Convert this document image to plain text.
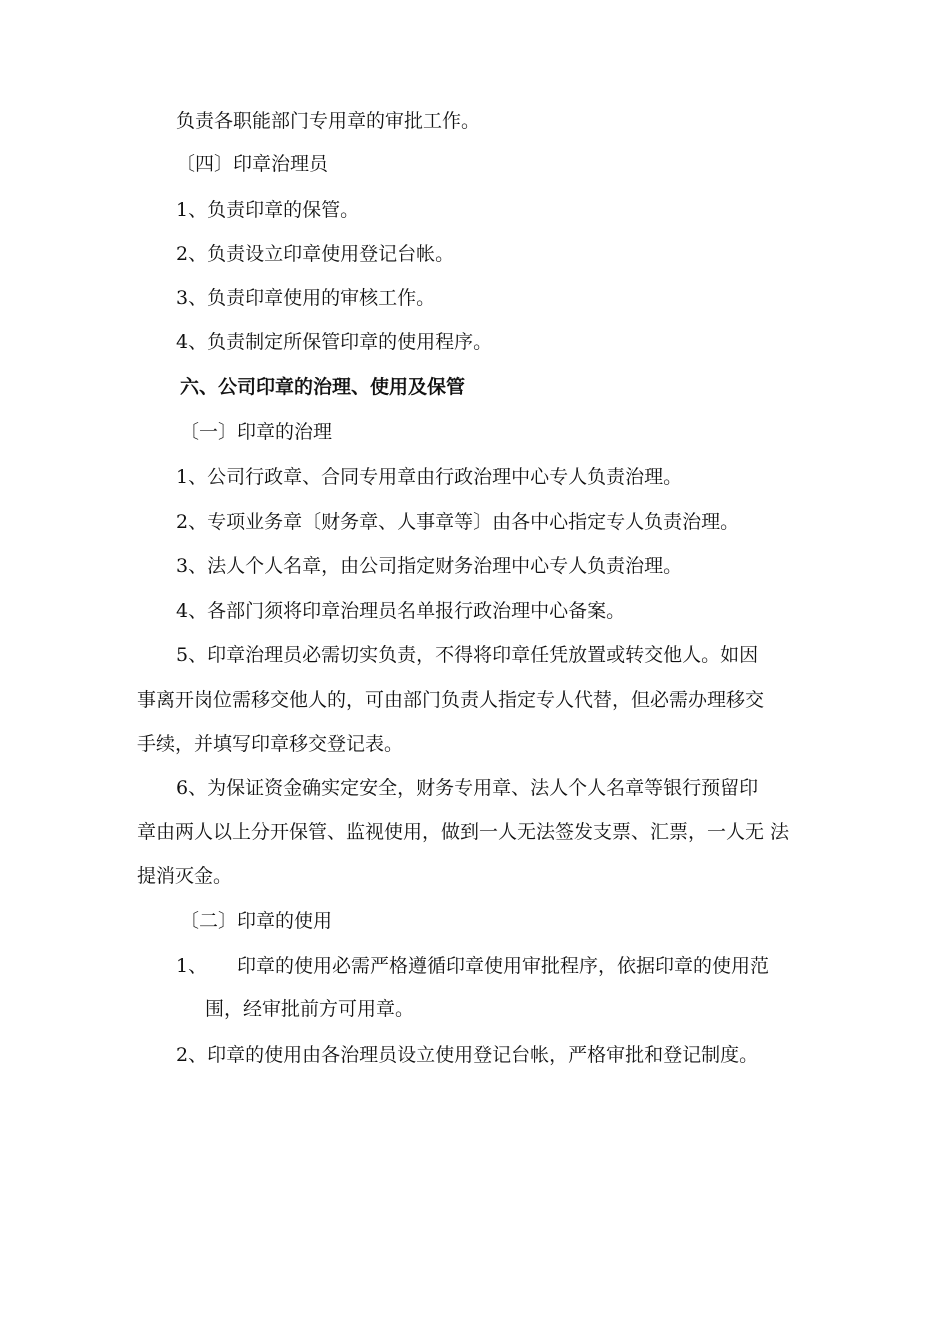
负责各职能部门专用章的审批工作。
〔四〕印章治理员
1、负责印章的保管。
2、负责设立印章使用登记台帐。
3、负责印章使用的审核工作。
4、负责制定所保管印章的使用程序。
六、公司印章的治理、使用及保管
〔一〕印章的治理
1、公司行政章、合同专用章由行政治理中心专人负责治理。
2、专项业务章〔财务章、人事章等〕由各中心指定专人负责治理。
3、法人个人名章，由公司指定财务治理中心专人负责治理。
4、各部门须将印章治理员名单报行政治理中心备案。
5、印章治理员必需切实负责，不得将印章任凭放置或转交他人。如因
事离开岗位需移交他人的，可由部门负责人指定专人代替，但必需办理移交
手续，并填写印章移交登记表。
6、为保证资金确实定安全，财务专用章、法人个人名章等银行预留印
章由两人以上分开保管、监视使用，做到一人无法签发支票、汇票，一人无 法
提消灭金。
〔二〕印章的使用
1、 印章的使用必需严格遵循印章使用审批程序，依据印章的使用范
围，经审批前方可用章。
2、印章的使用由各治理员设立使用登记台帐，严格审批和登记制度。
